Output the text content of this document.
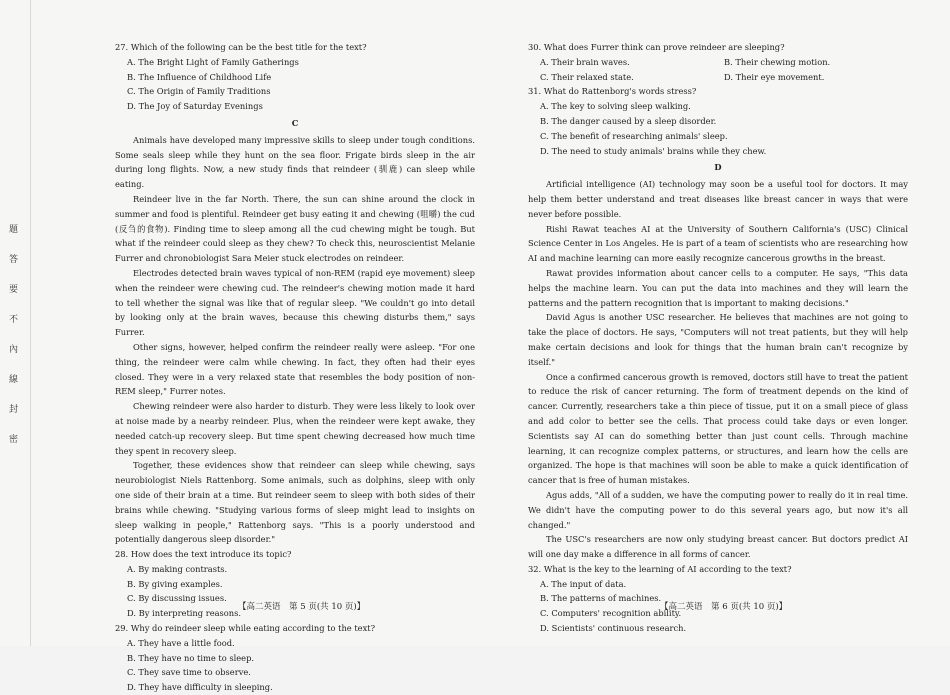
題
答
要
不
內
線
封
密

27. Which of the following can be the best title for the text?

A. The Bright Light of Family Gatherings

B. The Influence of Childhood Life

C. The Origin of Family Traditions

D. The Joy of Saturday Evenings

C

Animals have developed many impressive skills to sleep under tough conditions. Some seals sleep while they hunt on the sea floor. Frigate birds sleep in the air during long flights. Now, a new study finds that reindeer (驯鹿) can sleep while eating.

Reindeer live in the far North. There, the sun can shine around the clock in summer and food is plentiful. Reindeer get busy eating it and chewing (咀嚼) the cud (反刍的食物). Finding time to sleep among all the cud chewing might be tough. But what if the reindeer could sleep as they chew? To check this, neuroscientist Melanie Furrer and chronobiologist Sara Meier stuck electrodes on reindeer.

Electrodes detected brain waves typical of non-REM (rapid eye movement) sleep when the reindeer were chewing cud. The reindeer's chewing motion made it hard to tell whether the signal was like that of regular sleep. "We couldn't go into detail by looking only at the brain waves, because this chewing disturbs them," says Furrer.

Other signs, however, helped confirm the reindeer really were asleep. "For one thing, the reindeer were calm while chewing. In fact, they often had their eyes closed. They were in a very relaxed state that resembles the body position of non-REM sleep," Furrer notes.

Chewing reindeer were also harder to disturb. They were less likely to look over at noise made by a nearby reindeer. Plus, when the reindeer were kept awake, they needed catch-up recovery sleep. But time spent chewing decreased how much time they spent in recovery sleep.

Together, these evidences show that reindeer can sleep while chewing, says neurobiologist Niels Rattenborg. Some animals, such as dolphins, sleep with only one side of their brain at a time. But reindeer seem to sleep with both sides of their brains while chewing. "Studying various forms of sleep might lead to insights on sleep walking in people," Rattenborg says. "This is a poorly understood and potentially dangerous sleep disorder."

28. How does the text introduce its topic?

A. By making contrasts.

B. By giving examples.

C. By discussing issues.

D. By interpreting reasons.

29. Why do reindeer sleep while eating according to the text?

A. They have a little food.

B. They have no time to sleep.

C. They save time to observe.

D. They have difficulty in sleeping.

【高二英语　第 5 页(共 10 页)】

30. What does Furrer think can prove reindeer are sleeping?

A. Their brain waves.	B. Their chewing motion.
C. Their relaxed state.	D. Their eye movement.

31. What do Rattenborg's words stress?

A. The key to solving sleep walking.

B. The danger caused by a sleep disorder.

C. The benefit of researching animals' sleep.

D. The need to study animals' brains while they chew.

D

Artificial intelligence (AI) technology may soon be a useful tool for doctors. It may help them better understand and treat diseases like breast cancer in ways that were never before possible.

Rishi Rawat teaches AI at the University of Southern California's (USC) Clinical Science Center in Los Angeles. He is part of a team of scientists who are researching how AI and machine learning can more easily recognize cancerous growths in the breast.

Rawat provides information about cancer cells to a computer. He says, "This data helps the machine learn. You can put the data into machines and they will learn the patterns and the pattern recognition that is important to making decisions."

David Agus is another USC researcher. He believes that machines are not going to take the place of doctors. He says, "Computers will not treat patients, but they will help make certain decisions and look for things that the human brain can't recognize by itself."

Once a confirmed cancerous growth is removed, doctors still have to treat the patient to reduce the risk of cancer returning. The form of treatment depends on the kind of cancer. Currently, researchers take a thin piece of tissue, put it on a small piece of glass and add color to better see the cells. That process could take days or even longer. Scientists say AI can do something better than just count cells. Through machine learning, it can recognize complex patterns, or structures, and learn how the cells are organized. The hope is that machines will soon be able to make a quick identification of cancer that is free of human mistakes.

Agus adds, "All of a sudden, we have the computing power to really do it in real time. We didn't have the computing power to do this several years ago, but now it's all changed."

The USC's researchers are now only studying breast cancer. But doctors predict AI will one day make a difference in all forms of cancer.

32. What is the key to the learning of AI according to the text?

A. The input of data.

B. The patterns of machines.

C. Computers' recognition ability.

D. Scientists' continuous research.

【高二英语　第 6 页(共 10 页)】
